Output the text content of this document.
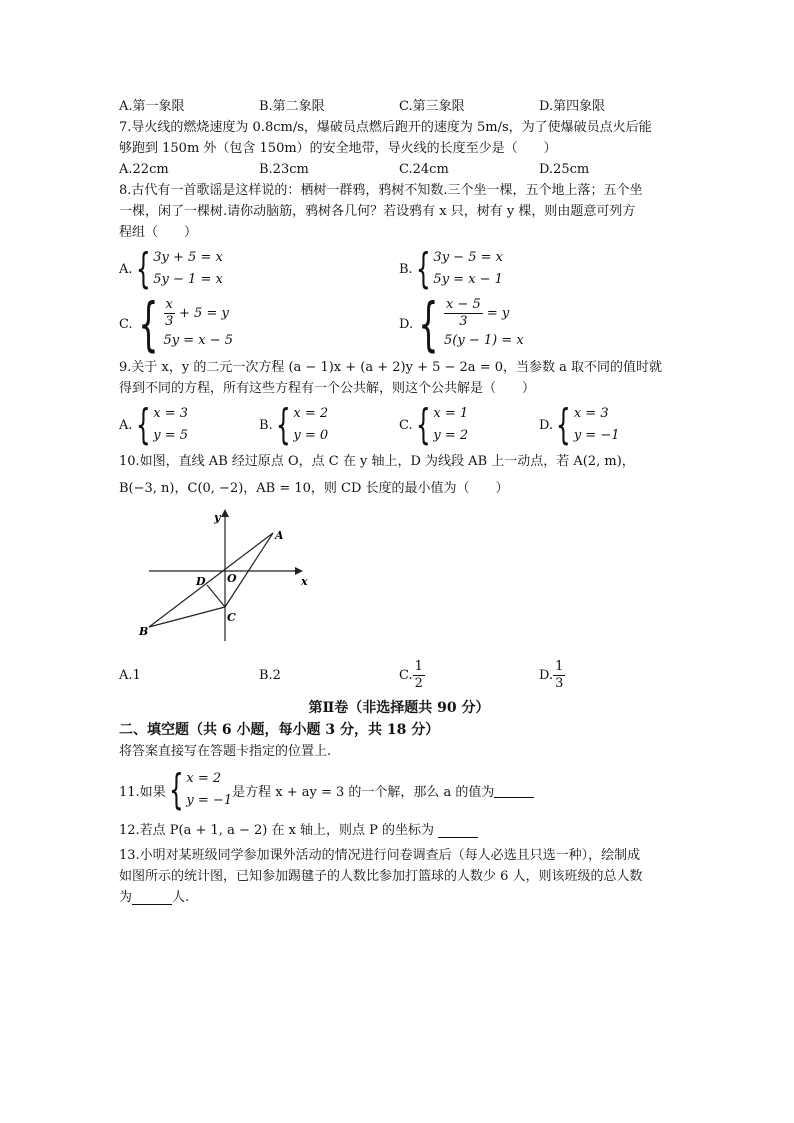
A.第一象限	B.第二象限	C.第三象限	D.第四象限
7.导火线的燃烧速度为 0.8cm/s，爆破员点燃后跑开的速度为 5m/s，为了使爆破员点火后能
够跑到 150m 外（包含 150m）的安全地带，导火线的长度至少是（　　）
A.22cm	B.23cm	C.24cm	D.25cm
8.古代有一首歌谣是这样说的：栖树一群鸦，鸦树不知数.三个坐一棵，五个地上落；五个坐
一棵，闲了一棵树.请你动脑筋，鸦树各几何？若设鸦有 x 只，树有 y 棵，则由题意可列方
程组（　　）
A. { 3y + 5 = x
5y − 1 = x
B. { 3y − 5 = x
5y = x − 1
C. { $\frac{x}{3} + 5 = y$
5y = x − 5
D. { $\frac{x - 5}{3} = y$
5(y − 1) = x
9.关于 x，y 的二元一次方程 (a − 1)x + (a + 2)y + 5 − 2a = 0，当参数 a 取不同的值时就
得到不同的方程，所有这些方程有一个公共解，则这个公共解是（　　）
A. { x = 3
y = 5
B. { x = 2
y = 0
C. { x = 1
y = 2
D. { x = 3
y = −1
10.如图，直线 AB 经过原点 O，点 C 在 y 轴上，D 为线段 AB 上一动点，若 A(2, m)，
B(−3, n)，C(0, −2)，AB = 10，则 CD 长度的最小值为（　　）
y
x
A
B
C
D O
A.1	B.2	C. $\frac{1}{2}$	D. $\frac{1}{3}$
第Ⅱ卷（非选择题共 90 分）
二、填空题（共 6 小题，每小题 3 分，共 18 分）
将答案直接写在答题卡指定的位置上.
11.如果 { x = 2
y = −1
是方程 x + ay = 3 的一个解，那么 a 的值为
12.若点 P(a + 1, a − 2) 在 x 轴上，则点 P 的坐标为
13.小明对某班级同学参加课外活动的情况进行问卷调查后（每人必选且只选一种），绘制成
如图所示的统计图，已知参加踢毽子的人数比参加打篮球的人数少 6 人，则该班级的总人数
为	人.
